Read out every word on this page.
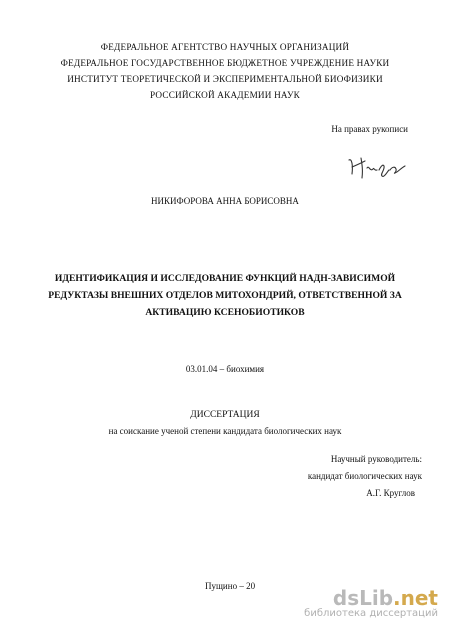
ФЕДЕРАЛЬНОЕ АГЕНТСТВО НАУЧНЫХ ОРГАНИЗАЦИЙ
ФЕДЕРАЛЬНОЕ ГОСУДАРСТВЕННОЕ БЮДЖЕТНОЕ УЧРЕЖДЕНИЕ НАУКИ
ИНСТИТУТ ТЕОРЕТИЧЕСКОЙ И ЭКСПЕРИМЕНТАЛЬНОЙ БИОФИЗИКИ
РОССИЙСКОЙ АКАДЕМИИ НАУК
На правах рукописи
НИКИФОРОВА АННА БОРИСОВНА
ИДЕНТИФИКАЦИЯ И ИССЛЕДОВАНИЕ ФУНКЦИЙ НАДН-ЗАВИСИМОЙ
РЕДУКТАЗЫ ВНЕШНИХ ОТДЕЛОВ МИТОХОНДРИЙ, ОТВЕТСТВЕННОЙ ЗА
АКТИВАЦИЮ КСЕНОБИОТИКОВ
03.01.04 – биохимия
ДИССЕРТАЦИЯ
на соискание ученой степени кандидата биологических наук
Научный руководитель:
кандидат биологических наук
А.Г. Круглов
Пущино – 20	dsLib.net
библиотека диссертаций
